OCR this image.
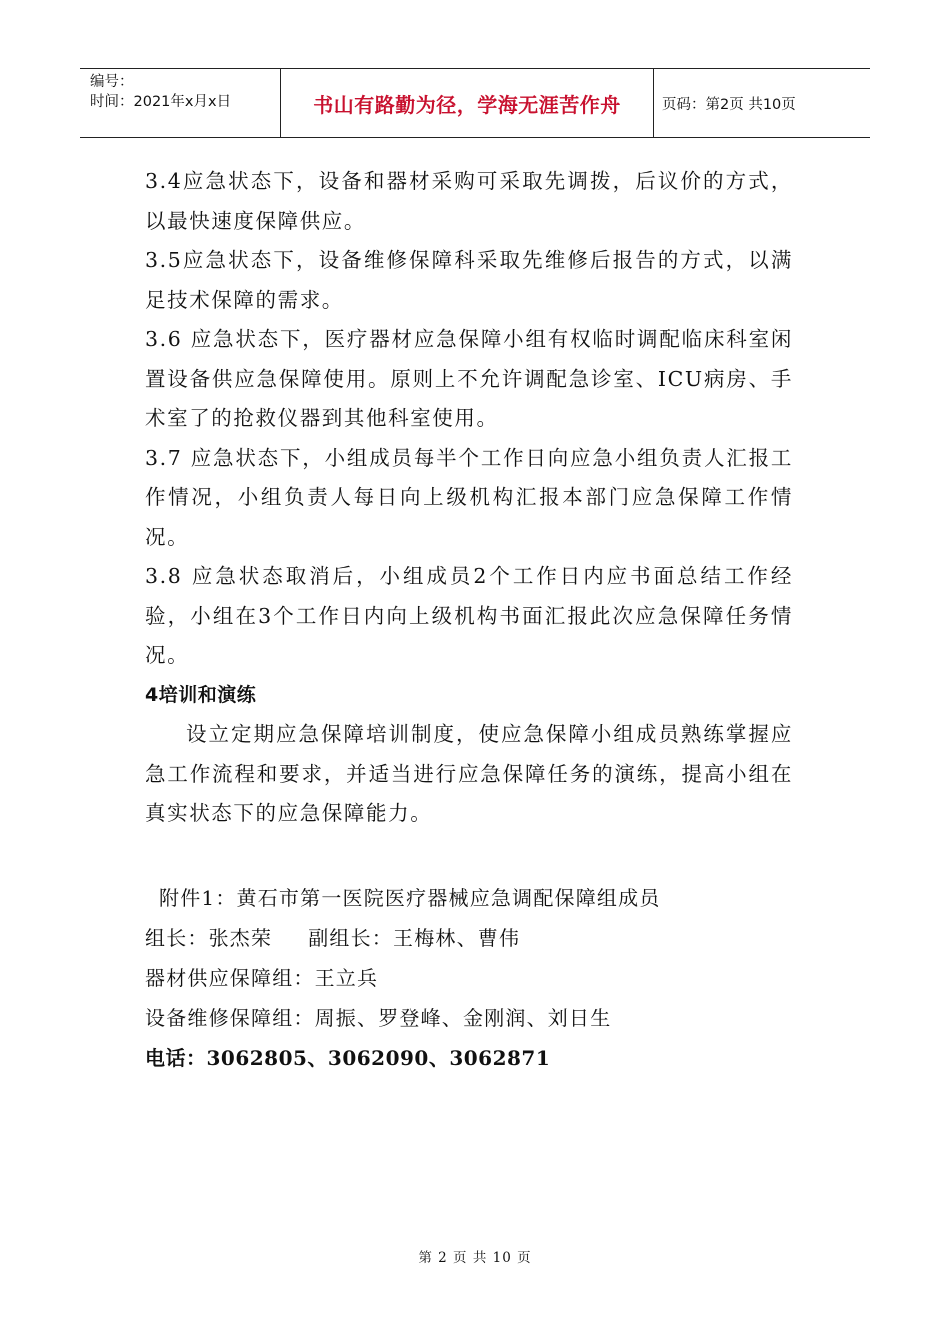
编号：
时间：2021年x月x日	书山有路勤为径，学海无涯苦作舟	页码：第2页 共10页

3.4应急状态下，设备和器材采购可采取先调拨，后议价的方式，以最快速度保障供应。

3.5应急状态下，设备维修保障科采取先维修后报告的方式，以满足技术保障的需求。

3.6 应急状态下，医疗器材应急保障小组有权临时调配临床科室闲置设备供应急保障使用。原则上不允许调配急诊室、ICU病房、手术室了的抢救仪器到其他科室使用。

3.7 应急状态下，小组成员每半个工作日向应急小组负责人汇报工作情况，小组负责人每日向上级机构汇报本部门应急保障工作情况。

3.8 应急状态取消后，小组成员2个工作日内应书面总结工作经验，小组在3个工作日内向上级机构书面汇报此次应急保障任务情况。

4培训和演练

设立定期应急保障培训制度，使应急保障小组成员熟练掌握应急工作流程和要求，并适当进行应急保障任务的演练，提高小组在真实状态下的应急保障能力。

附件1：黄石市第一医院医疗器械应急调配保障组成员

组长：张杰荣 副组长：王梅林、曹伟

器材供应保障组：王立兵

设备维修保障组：周振、罗登峰、金刚润、刘日生

电话：3062805、3062090、3062871

第 2 页 共 10 页
